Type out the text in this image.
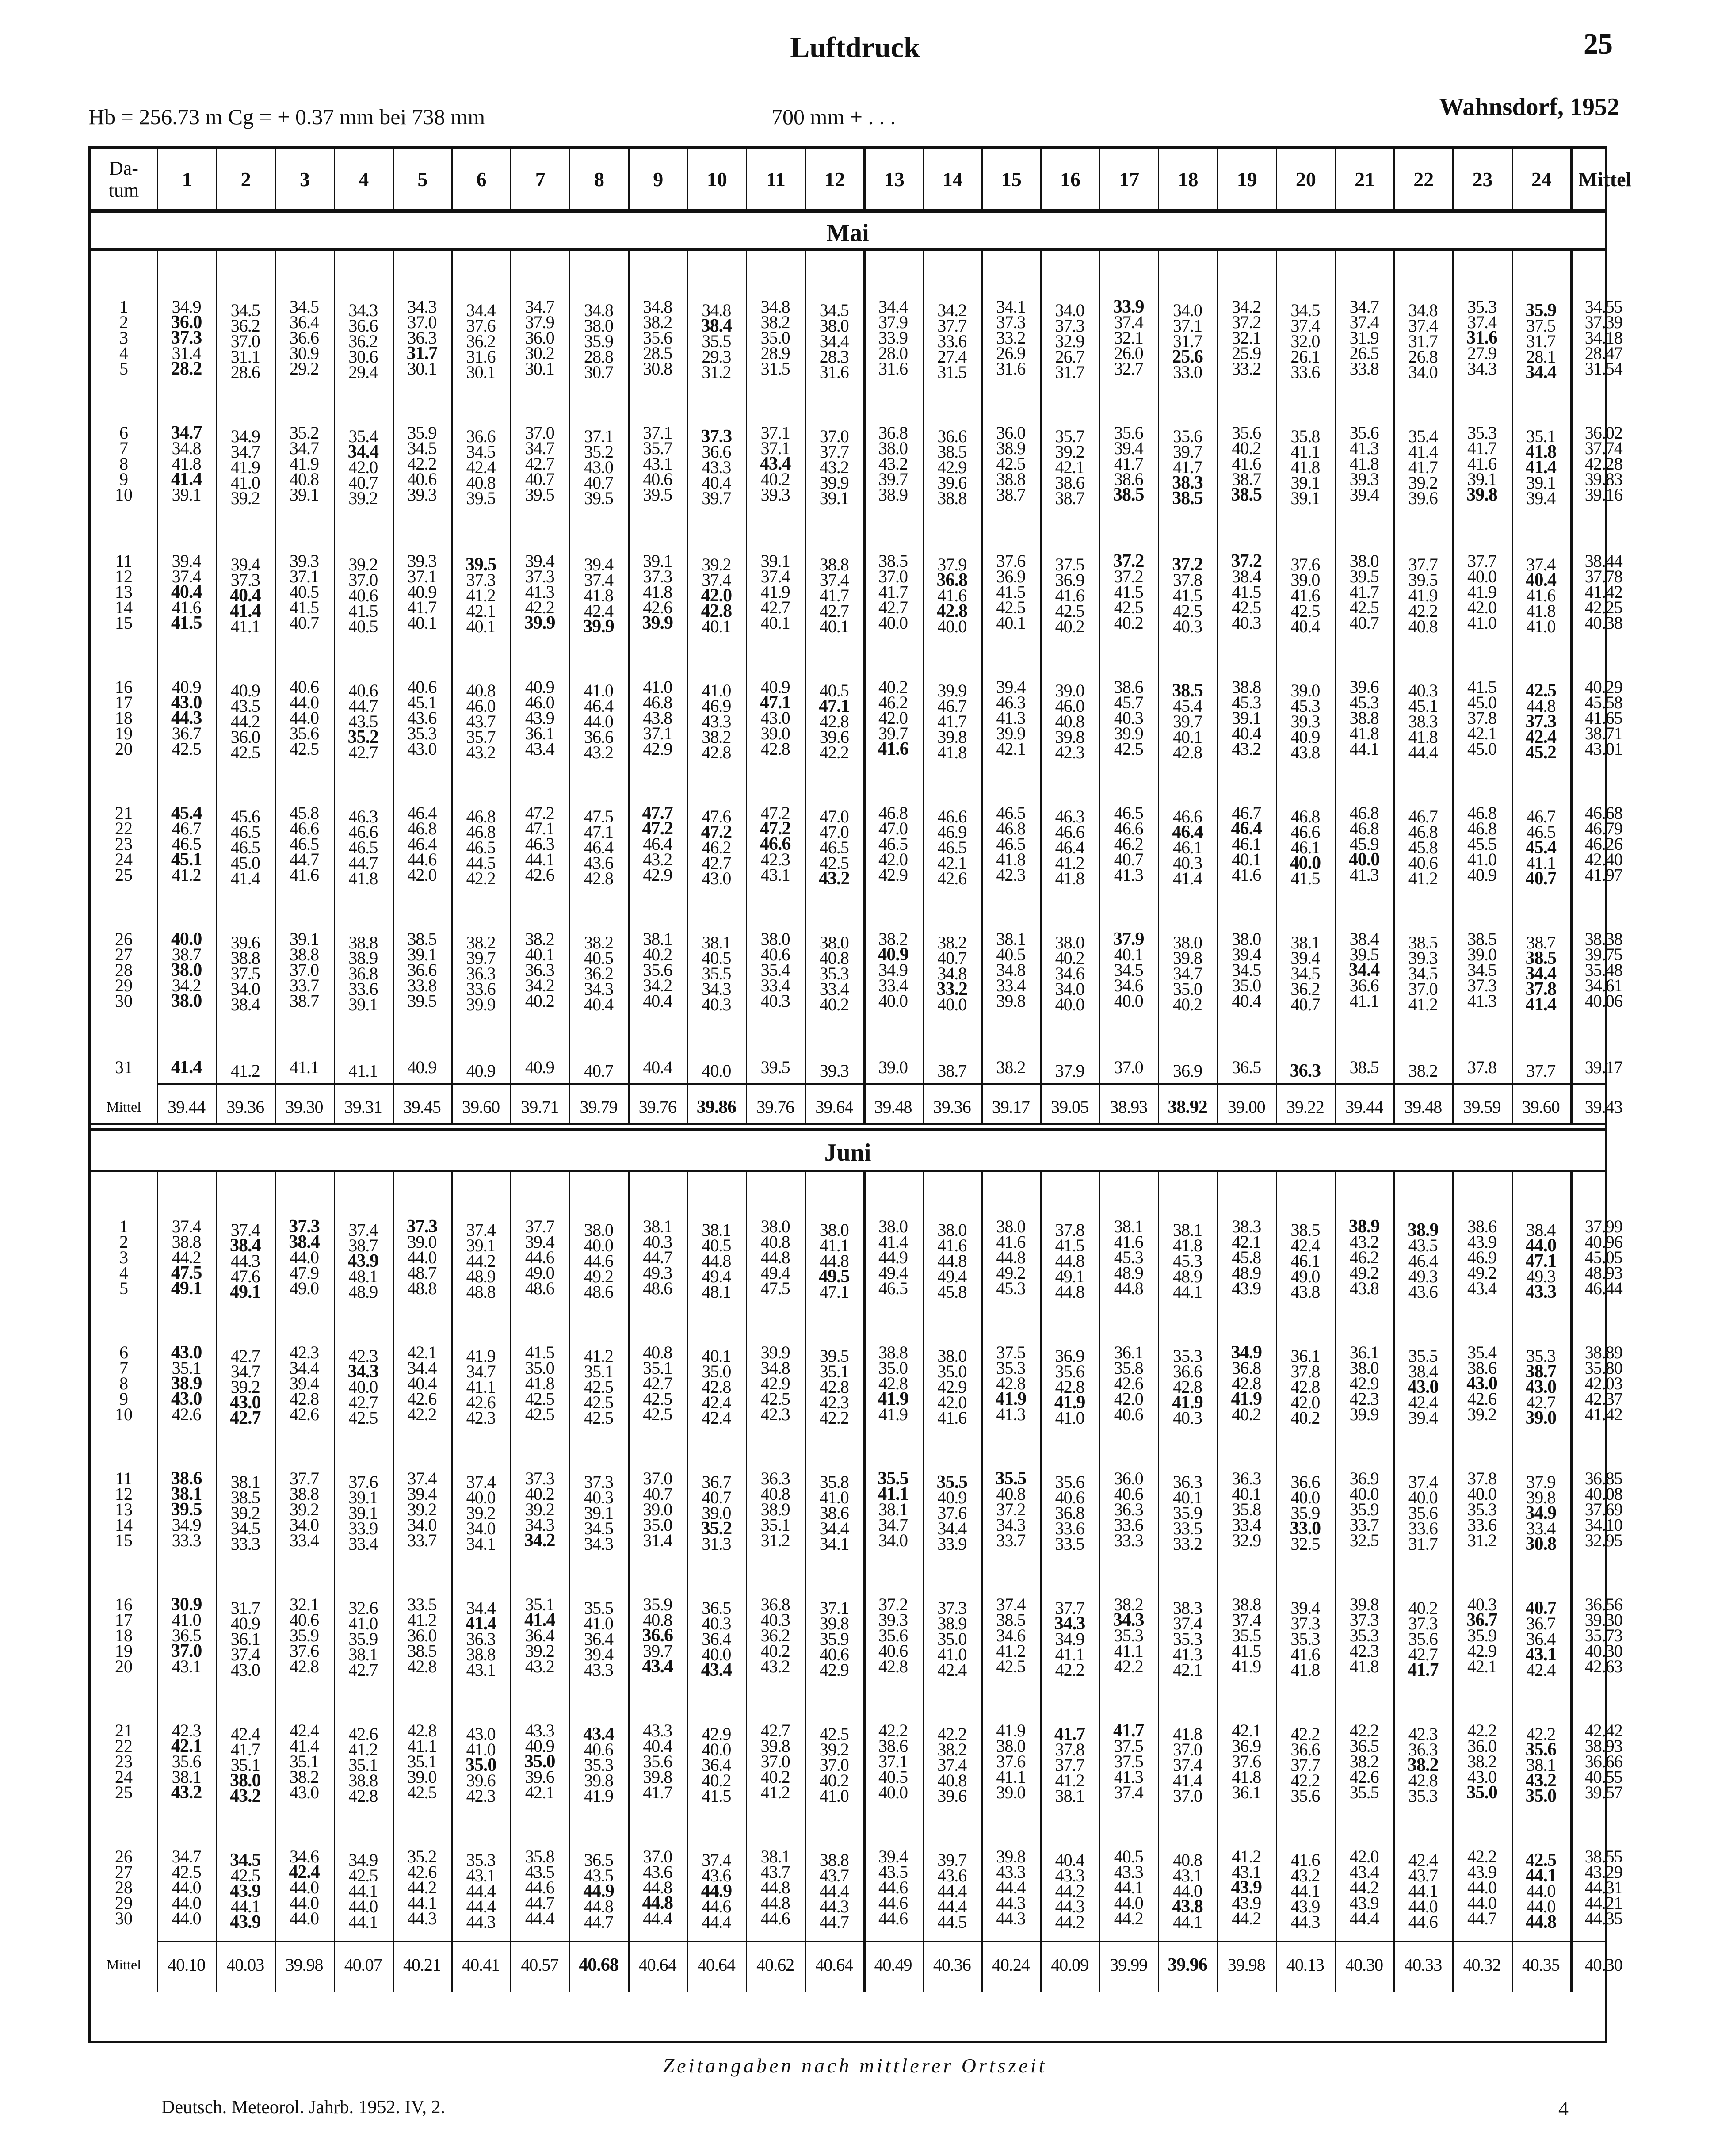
Luftdruck	25
Hb = 256.73 m Cg = + 0.37 mm bei 738 mm	700 mm + . . .	Wahnsdorf, 1952
Da-
tum	1	2	3	4	5	6	7	8	9	10	11	12	13	14	15	16	17	18	19	20	21	22	23	24	Mittel
Zeitangaben nach mittlerer Ortszeit
Deutsch. Meteorol. Jahrb. 1952. IV, 2.	4
Mai
1	34.9	34.5	34.5	34.3	34.3	34.4	34.7	34.8	34.8	34.8	34.8	34.5	34.4	34.2	34.1	34.0	33.9	34.0	34.2	34.5	34.7	34.8	35.3	35.9	34.55
2	36.0	36.2	36.4	36.6	37.0	37.6	37.9	38.0	38.2	38.4	38.2	38.0	37.9	37.7	37.3	37.3	37.4	37.1	37.2	37.4	37.4	37.4	37.4	37.5	37.39
3	37.3	37.0	36.6	36.2	36.3	36.2	36.0	35.9	35.6	35.5	35.0	34.4	33.9	33.6	33.2	32.9	32.1	31.7	32.1	32.0	31.9	31.7	31.6	31.7	34.18
4	31.4	31.1	30.9	30.6	31.7	31.6	30.2	28.8	28.5	29.3	28.9	28.3	28.0	27.4	26.9	26.7	26.0	25.6	25.9	26.1	26.5	26.8	27.9	28.1	28.47
5	28.2	28.6	29.2	29.4	30.1	30.1	30.1	30.7	30.8	31.2	31.5	31.6	31.6	31.5	31.6	31.7	32.7	33.0	33.2	33.6	33.8	34.0	34.3	34.4	31.54
6	34.7	34.9	35.2	35.4	35.9	36.6	37.0	37.1	37.1	37.3	37.1	37.0	36.8	36.6	36.0	35.7	35.6	35.6	35.6	35.8	35.6	35.4	35.3	35.1	36.02
7	34.8	34.7	34.7	34.4	34.5	34.5	34.7	35.2	35.7	36.6	37.1	37.7	38.0	38.5	38.9	39.2	39.4	39.7	40.2	41.1	41.3	41.4	41.7	41.8	37.74
8	41.8	41.9	41.9	42.0	42.2	42.4	42.7	43.0	43.1	43.3	43.4	43.2	43.2	42.9	42.5	42.1	41.7	41.7	41.6	41.8	41.8	41.7	41.6	41.4	42.28
9	41.4	41.0	40.8	40.7	40.6	40.8	40.7	40.7	40.6	40.4	40.2	39.9	39.7	39.6	38.8	38.6	38.6	38.3	38.7	39.1	39.3	39.2	39.1	39.1	39.83
10	39.1	39.2	39.1	39.2	39.3	39.5	39.5	39.5	39.5	39.7	39.3	39.1	38.9	38.8	38.7	38.7	38.5	38.5	38.5	39.1	39.4	39.6	39.8	39.4	39.16
11	39.4	39.4	39.3	39.2	39.3	39.5	39.4	39.4	39.1	39.2	39.1	38.8	38.5	37.9	37.6	37.5	37.2	37.2	37.2	37.6	38.0	37.7	37.7	37.4	38.44
12	37.4	37.3	37.1	37.0	37.1	37.3	37.3	37.4	37.3	37.4	37.4	37.4	37.0	36.8	36.9	36.9	37.2	37.8	38.4	39.0	39.5	39.5	40.0	40.4	37.78
13	40.4	40.4	40.5	40.6	40.9	41.2	41.3	41.8	41.8	42.0	41.9	41.7	41.7	41.6	41.5	41.6	41.5	41.5	41.5	41.6	41.7	41.9	41.9	41.6	41.42
14	41.6	41.4	41.5	41.5	41.7	42.1	42.2	42.4	42.6	42.8	42.7	42.7	42.7	42.8	42.5	42.5	42.5	42.5	42.5	42.5	42.5	42.2	42.0	41.8	42.25
15	41.5	41.1	40.7	40.5	40.1	40.1	39.9	39.9	39.9	40.1	40.1	40.1	40.0	40.0	40.1	40.2	40.2	40.3	40.3	40.4	40.7	40.8	41.0	41.0	40.38
16	40.9	40.9	40.6	40.6	40.6	40.8	40.9	41.0	41.0	41.0	40.9	40.5	40.2	39.9	39.4	39.0	38.6	38.5	38.8	39.0	39.6	40.3	41.5	42.5	40.29
17	43.0	43.5	44.0	44.7	45.1	46.0	46.0	46.4	46.8	46.9	47.1	47.1	46.2	46.7	46.3	46.0	45.7	45.4	45.3	45.3	45.3	45.1	45.0	44.8	45.58
18	44.3	44.2	44.0	43.5	43.6	43.7	43.9	44.0	43.8	43.3	43.0	42.8	42.0	41.7	41.3	40.8	40.3	39.7	39.1	39.3	38.8	38.3	37.8	37.3	41.65
19	36.7	36.0	35.6	35.2	35.3	35.7	36.1	36.6	37.1	38.2	39.0	39.6	39.7	39.8	39.9	39.8	39.9	40.1	40.4	40.9	41.8	41.8	42.1	42.4	38.71
20	42.5	42.5	42.5	42.7	43.0	43.2	43.4	43.2	42.9	42.8	42.8	42.2	41.6	41.8	42.1	42.3	42.5	42.8	43.2	43.8	44.1	44.4	45.0	45.2	43.01
21	45.4	45.6	45.8	46.3	46.4	46.8	47.2	47.5	47.7	47.6	47.2	47.0	46.8	46.6	46.5	46.3	46.5	46.6	46.7	46.8	46.8	46.7	46.8	46.7	46.68
22	46.7	46.5	46.6	46.6	46.8	46.8	47.1	47.1	47.2	47.2	47.2	47.0	47.0	46.9	46.8	46.6	46.6	46.4	46.4	46.6	46.8	46.8	46.8	46.5	46.79
23	46.5	46.5	46.5	46.5	46.4	46.5	46.3	46.4	46.4	46.2	46.6	46.5	46.5	46.5	46.5	46.4	46.2	46.1	46.1	46.1	45.9	45.8	45.5	45.4	46.26
24	45.1	45.0	44.7	44.7	44.6	44.5	44.1	43.6	43.2	42.7	42.3	42.5	42.0	42.1	41.8	41.2	40.7	40.3	40.1	40.0	40.0	40.6	41.0	41.1	42.40
25	41.2	41.4	41.6	41.8	42.0	42.2	42.6	42.8	42.9	43.0	43.1	43.2	42.9	42.6	42.3	41.8	41.3	41.4	41.6	41.5	41.3	41.2	40.9	40.7	41.97
26	40.0	39.6	39.1	38.8	38.5	38.2	38.2	38.2	38.1	38.1	38.0	38.0	38.2	38.2	38.1	38.0	37.9	38.0	38.0	38.1	38.4	38.5	38.5	38.7	38.38
27	38.7	38.8	38.8	38.9	39.1	39.7	40.1	40.5	40.2	40.5	40.6	40.8	40.9	40.7	40.5	40.2	40.1	39.8	39.4	39.4	39.5	39.3	39.0	38.5	39.75
28	38.0	37.5	37.0	36.8	36.6	36.3	36.3	36.2	35.6	35.5	35.4	35.3	34.9	34.8	34.8	34.6	34.5	34.7	34.5	34.5	34.4	34.5	34.5	34.4	35.48
29	34.2	34.0	33.7	33.6	33.8	33.6	34.2	34.3	34.2	34.3	33.4	33.4	33.4	33.2	33.4	34.0	34.6	35.0	35.0	36.2	36.6	37.0	37.3	37.8	34.61
30	38.0	38.4	38.7	39.1	39.5	39.9	40.2	40.4	40.4	40.3	40.3	40.2	40.0	40.0	39.8	40.0	40.0	40.2	40.4	40.7	41.1	41.2	41.3	41.4	40.06
31	41.4	41.2	41.1	41.1	40.9	40.9	40.9	40.7	40.4	40.0	39.5	39.3	39.0	38.7	38.2	37.9	37.0	36.9	36.5	36.3	38.5	38.2	37.8	37.7	39.17
Mittel	39.44	39.36	39.30	39.31	39.45	39.60	39.71	39.79	39.76	39.86	39.76	39.64	39.48	39.36	39.17	39.05	38.93	38.92	39.00	39.22	39.44	39.48	39.59	39.60	39.43
Juni
1	37.4	37.4	37.3	37.4	37.3	37.4	37.7	38.0	38.1	38.1	38.0	38.0	38.0	38.0	38.0	37.8	38.1	38.1	38.3	38.5	38.9	38.9	38.6	38.4	37.99
2	38.8	38.4	38.4	38.7	39.0	39.1	39.4	40.0	40.3	40.5	40.8	41.1	41.4	41.6	41.6	41.5	41.6	41.8	42.1	42.4	43.2	43.5	43.9	44.0	40.96
3	44.2	44.3	44.0	43.9	44.0	44.2	44.6	44.6	44.7	44.8	44.8	44.8	44.9	44.8	44.8	44.8	45.3	45.3	45.8	46.1	46.2	46.4	46.9	47.1	45.05
4	47.5	47.6	47.9	48.1	48.7	48.9	49.0	49.2	49.3	49.4	49.4	49.5	49.4	49.4	49.2	49.1	48.9	48.9	48.9	49.0	49.2	49.3	49.2	49.3	48.93
5	49.1	49.1	49.0	48.9	48.8	48.8	48.6	48.6	48.6	48.1	47.5	47.1	46.5	45.8	45.3	44.8	44.8	44.1	43.9	43.8	43.8	43.6	43.4	43.3	46.44
6	43.0	42.7	42.3	42.3	42.1	41.9	41.5	41.2	40.8	40.1	39.9	39.5	38.8	38.0	37.5	36.9	36.1	35.3	34.9	36.1	36.1	35.5	35.4	35.3	38.89
7	35.1	34.7	34.4	34.3	34.4	34.7	35.0	35.1	35.1	35.0	34.8	35.1	35.0	35.0	35.3	35.6	35.8	36.6	36.8	37.8	38.0	38.4	38.6	38.7	35.80
8	38.9	39.2	39.4	40.0	40.4	41.1	41.8	42.5	42.7	42.8	42.9	42.8	42.8	42.9	42.8	42.8	42.6	42.8	42.8	42.8	42.9	43.0	43.0	43.0	42.03
9	43.0	43.0	42.8	42.7	42.6	42.6	42.5	42.5	42.5	42.4	42.5	42.3	41.9	42.0	41.9	41.9	42.0	41.9	41.9	42.0	42.3	42.4	42.6	42.7	42.37
10	42.6	42.7	42.6	42.5	42.2	42.3	42.5	42.5	42.5	42.4	42.3	42.2	41.9	41.6	41.3	41.0	40.6	40.3	40.2	40.2	39.9	39.4	39.2	39.0	41.42
11	38.6	38.1	37.7	37.6	37.4	37.4	37.3	37.3	37.0	36.7	36.3	35.8	35.5	35.5	35.5	35.6	36.0	36.3	36.3	36.6	36.9	37.4	37.8	37.9	36.85
12	38.1	38.5	38.8	39.1	39.4	40.0	40.2	40.3	40.7	40.7	40.8	41.0	41.1	40.9	40.8	40.6	40.6	40.1	40.1	40.0	40.0	40.0	40.0	39.8	40.08
13	39.5	39.2	39.2	39.1	39.2	39.2	39.2	39.1	39.0	39.0	38.9	38.6	38.1	37.6	37.2	36.8	36.3	35.9	35.8	35.9	35.9	35.6	35.3	34.9	37.69
14	34.9	34.5	34.0	33.9	34.0	34.0	34.3	34.5	35.0	35.2	35.1	34.4	34.7	34.4	34.3	33.6	33.6	33.5	33.4	33.0	33.7	33.6	33.6	33.4	34.10
15	33.3	33.3	33.4	33.4	33.7	34.1	34.2	34.3	31.4	31.3	31.2	34.1	34.0	33.9	33.7	33.5	33.3	33.2	32.9	32.5	32.5	31.7	31.2	30.8	32.95
16	30.9	31.7	32.1	32.6	33.5	34.4	35.1	35.5	35.9	36.5	36.8	37.1	37.2	37.3	37.4	37.7	38.2	38.3	38.8	39.4	39.8	40.2	40.3	40.7	36.56
17	41.0	40.9	40.6	41.0	41.2	41.4	41.4	41.0	40.8	40.3	40.3	39.8	39.3	38.9	38.5	34.3	34.3	37.4	37.4	37.3	37.3	37.3	36.7	36.7	39.30
18	36.5	36.1	35.9	35.9	36.0	36.3	36.4	36.4	36.6	36.4	36.2	35.9	35.6	35.0	34.6	34.9	35.3	35.3	35.5	35.3	35.3	35.6	35.9	36.4	35.73
19	37.0	37.4	37.6	38.1	38.5	38.8	39.2	39.4	39.7	40.0	40.2	40.6	40.6	41.0	41.2	41.1	41.1	41.3	41.5	41.6	42.3	42.7	42.9	43.1	40.30
20	43.1	43.0	42.8	42.7	42.8	43.1	43.2	43.3	43.4	43.4	43.2	42.9	42.8	42.4	42.5	42.2	42.2	42.1	41.9	41.8	41.8	41.7	42.1	42.4	42.63
21	42.3	42.4	42.4	42.6	42.8	43.0	43.3	43.4	43.3	42.9	42.7	42.5	42.2	42.2	41.9	41.7	41.7	41.8	42.1	42.2	42.2	42.3	42.2	42.2	42.42
22	42.1	41.7	41.4	41.2	41.1	41.0	40.9	40.6	40.4	40.0	39.8	39.2	38.6	38.2	38.0	37.8	37.5	37.0	36.9	36.6	36.5	36.3	36.0	35.6	38.93
23	35.6	35.1	35.1	35.1	35.1	35.0	35.0	35.3	35.6	36.4	37.0	37.0	37.1	37.4	37.6	37.7	37.5	37.4	37.6	37.7	38.2	38.2	38.2	38.1	36.66
24	38.1	38.0	38.2	38.8	39.0	39.6	39.6	39.8	39.8	40.2	40.2	40.2	40.5	40.8	41.1	41.2	41.3	41.4	41.8	42.2	42.6	42.8	43.0	43.2	40.55
25	43.2	43.2	43.0	42.8	42.5	42.3	42.1	41.9	41.7	41.5	41.2	41.0	40.0	39.6	39.0	38.1	37.4	37.0	36.1	35.6	35.5	35.3	35.0	35.0	39.57
26	34.7	34.5	34.6	34.9	35.2	35.3	35.8	36.5	37.0	37.4	38.1	38.8	39.4	39.7	39.8	40.4	40.5	40.8	41.2	41.6	42.0	42.4	42.2	42.5	38.55
27	42.5	42.5	42.4	42.5	42.6	43.1	43.5	43.5	43.6	43.6	43.7	43.7	43.5	43.6	43.3	43.3	43.3	43.1	43.1	43.2	43.4	43.7	43.9	44.1	43.29
28	44.0	43.9	44.0	44.1	44.2	44.4	44.6	44.9	44.8	44.9	44.8	44.4	44.6	44.4	44.4	44.2	44.1	44.0	43.9	44.1	44.2	44.1	44.0	44.0	44.31
29	44.0	44.1	44.0	44.0	44.1	44.4	44.7	44.8	44.8	44.6	44.8	44.3	44.6	44.4	44.3	44.3	44.0	43.8	43.9	43.9	43.9	44.0	44.0	44.0	44.21
30	44.0	43.9	44.0	44.1	44.3	44.3	44.4	44.7	44.4	44.4	44.6	44.7	44.6	44.5	44.3	44.2	44.2	44.1	44.2	44.3	44.4	44.6	44.7	44.8	44.35
Mittel	40.10	40.03	39.98	40.07	40.21	40.41	40.57	40.68	40.64	40.64	40.62	40.64	40.49	40.36	40.24	40.09	39.99	39.96	39.98	40.13	40.30	40.33	40.32	40.35	40.30
